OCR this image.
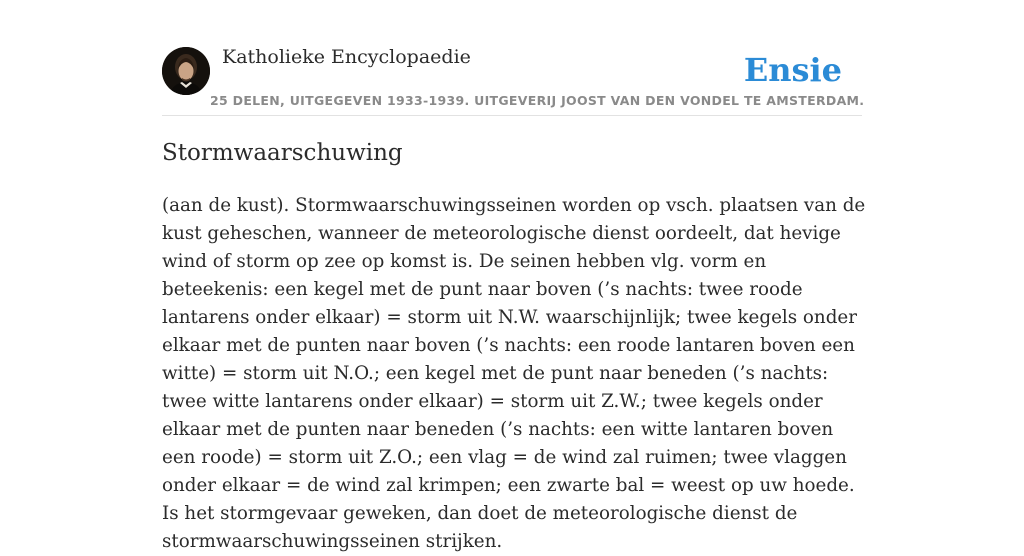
Katholieke Encyclopaedie	Ensie
25 DELEN, UITGEGEVEN 1933-1939. UITGEVERIJ JOOST VAN DEN VONDEL TE AMSTERDAM.
Stormwaarschuwing

(aan de kust). Stormwaarschuwingsseinen worden op vsch. plaatsen van de kust geheschen, wanneer de meteorologische dienst oordeelt, dat hevige wind of storm op zee op komst is. De seinen hebben vlg. vorm en beteekenis: een kegel met de punt naar boven (’s nachts: twee roode lantarens onder elkaar) = storm uit N.W. waarschijnlijk; twee kegels onder elkaar met de punten naar boven (’s nachts: een roode lantaren boven een witte) = storm uit N.O.; een kegel met de punt naar beneden (’s nachts: twee witte lantarens onder elkaar) = storm uit Z.W.; twee kegels onder elkaar met de punten naar beneden (’s nachts: een witte lantaren boven een roode) = storm uit Z.O.; een vlag = de wind zal ruimen; twee vlaggen onder elkaar = de wind zal krimpen; een zwarte bal = weest op uw hoede. Is het stormgevaar geweken, dan doet de meteorologische dienst de stormwaarschuwingsseinen strijken.
